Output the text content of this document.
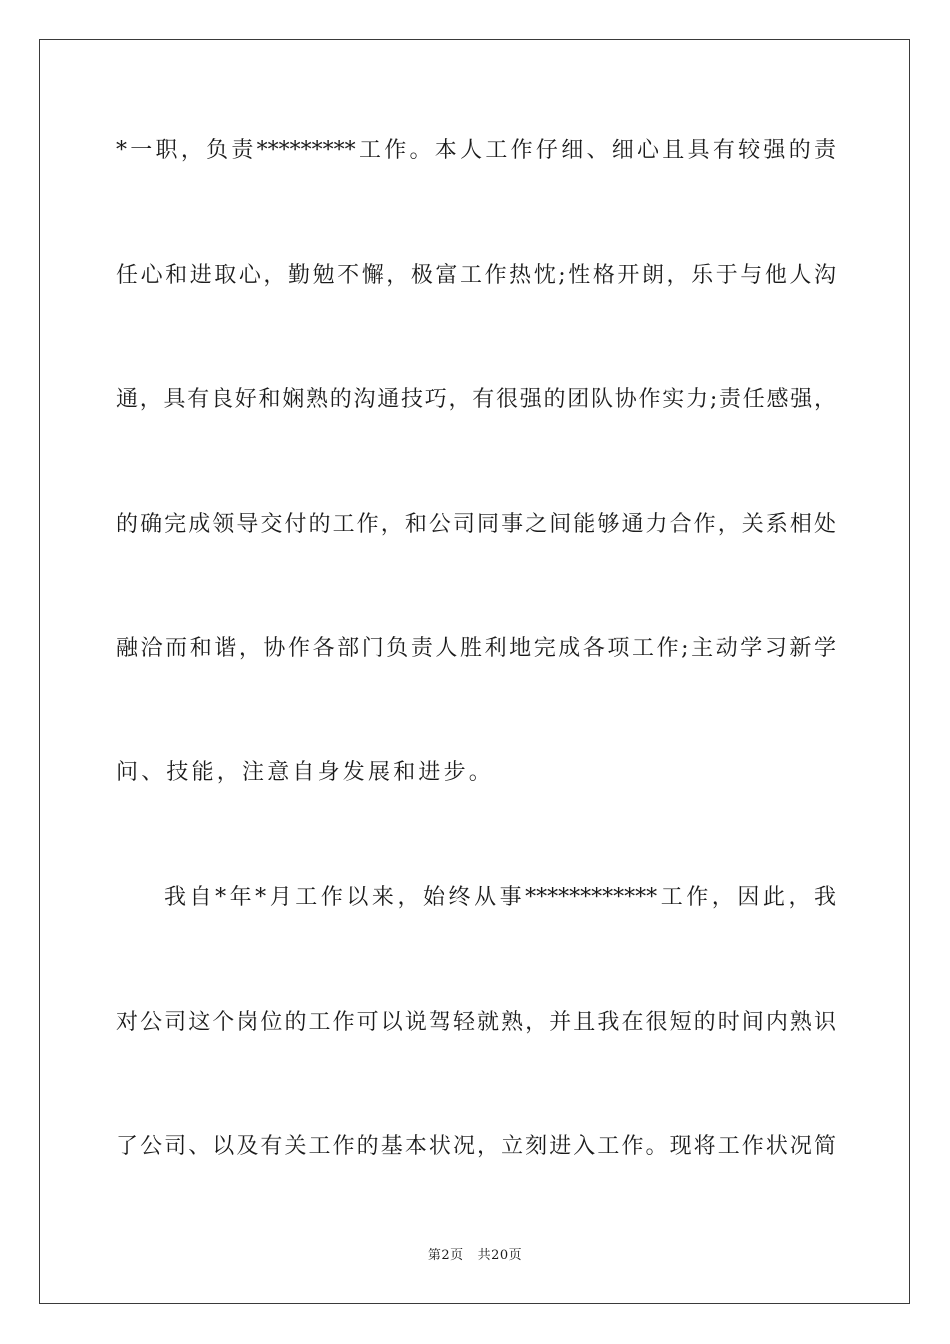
*一职，负责*********工作。本人工作仔细、细心且具有较强的责
任心和进取心，勤勉不懈，极富工作热忱;性格开朗，乐于与他人沟
通，具有良好和娴熟的沟通技巧，有很强的团队协作实力;责任感强，
的确完成领导交付的工作，和公司同事之间能够通力合作，关系相处
融洽而和谐，协作各部门负责人胜利地完成各项工作;主动学习新学
问、技能，注意自身发展和进步。
我自*年*月工作以来，始终从事************工作，因此，我
对公司这个岗位的工作可以说驾轻就熟，并且我在很短的时间内熟识
了公司、以及有关工作的基本状况，立刻进入工作。现将工作状况简
第2页 共20页
